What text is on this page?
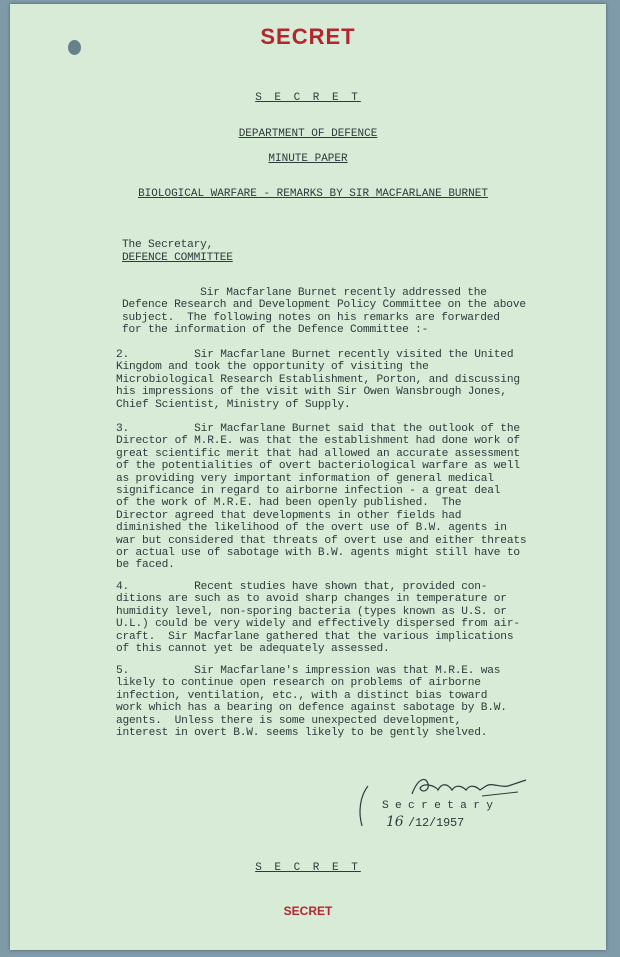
SECRET
S E C R E T
DEPARTMENT OF DEFENCE
MINUTE PAPER
BIOLOGICAL WARFARE - REMARKS BY SIR MACFARLANE BURNET
The Secretary,
DEFENCE COMMITTEE
Sir Macfarlane Burnet recently addressed the
Defence Research and Development Policy Committee on the above
subject.  The following notes on his remarks are forwarded
for the information of the Defence Committee :-
2.          Sir Macfarlane Burnet recently visited the United
Kingdom and took the opportunity of visiting the
Microbiological Research Establishment, Porton, and discussing
his impressions of the visit with Sir Owen Wansbrough Jones,
Chief Scientist, Ministry of Supply.
3.          Sir Macfarlane Burnet said that the outlook of the
Director of M.R.E. was that the establishment had done work of
great scientific merit that had allowed an accurate assessment
of the potentialities of overt bacteriological warfare as well
as providing very important information of general medical
significance in regard to airborne infection - a great deal
of the work of M.R.E. had been openly published.  The
Director agreed that developments in other fields had
diminished the likelihood of the overt use of B.W. agents in
war but considered that threats of overt use and either threats
or actual use of sabotage with B.W. agents might still have to
be faced.
4.          Recent studies have shown that, provided con-
ditions are such as to avoid sharp changes in temperature or
humidity level, non-sporing bacteria (types known as U.S. or
U.L.) could be very widely and effectively dispersed from air-
craft.  Sir Macfarlane gathered that the various implications
of this cannot yet be adequately assessed.
5.          Sir Macfarlane's impression was that M.R.E. was
likely to continue open research on problems of airborne
infection, ventilation, etc., with a distinct bias toward
work which has a bearing on defence against sabotage by B.W.
agents.  Unless there is some unexpected development,
interest in overt B.W. seems likely to be gently shelved.
S e c r e t a r y
16 /12/1957
S E C R E T
SECRET
